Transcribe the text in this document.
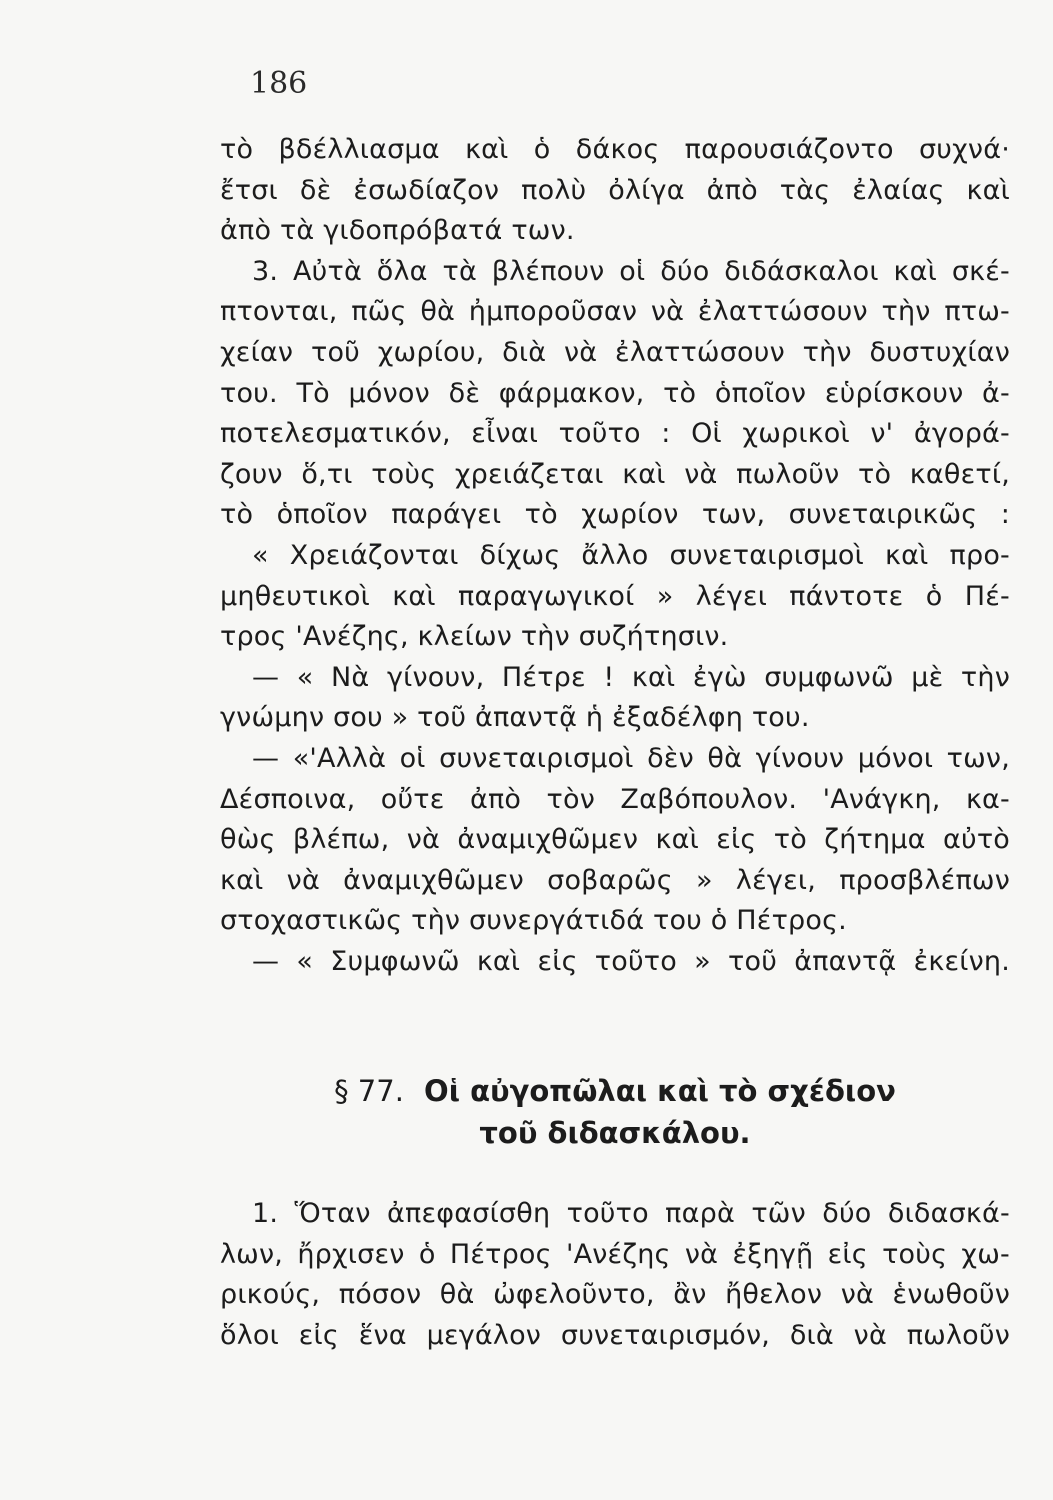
186
τὸ βδέλλιασμα καὶ ὁ δάκος παρουσιάζοντο συχνά·
ἔτσι δὲ ἐσωδίαζον πολὺ ὀλίγα ἀπὸ τὰς ἐλαίας καὶ
ἀπὸ τὰ γιδοπρόβατά των.
3. Αὐτὰ ὅλα τὰ βλέπουν οἱ δύο διδάσκαλοι καὶ σκέ-
πτονται, πῶς θὰ ἠμποροῦσαν νὰ ἐλαττώσουν τὴν πτω-
χείαν τοῦ χωρίου, διὰ νὰ ἐλαττώσουν τὴν δυστυχίαν
του. Τὸ μόνον δὲ φάρμακον, τὸ ὁποῖον εὑρίσκουν ἀ-
ποτελεσματικόν, εἶναι τοῦτο : Οἱ χωρικοὶ ν' ἀγορά-
ζουν ὅ,τι τοὺς χρειάζεται καὶ νὰ πωλοῦν τὸ καθετί,
τὸ ὁποῖον παράγει τὸ χωρίον των, συνεταιρικῶς :
« Χρειάζονται δίχως ἄλλο συνεταιρισμοὶ καὶ προ-
μηθευτικοὶ καὶ παραγωγικοί » λέγει πάντοτε ὁ Πέ-
τρος 'Ανέζης, κλείων τὴν συζήτησιν.
— « Νὰ γίνουν, Πέτρε ! καὶ ἐγὼ συμφωνῶ μὲ τὴν
γνώμην σου » τοῦ ἀπαντᾷ ἡ ἐξαδέλφη του.
— «'Αλλὰ οἱ συνεταιρισμοὶ δὲν θὰ γίνουν μόνοι των,
Δέσποινα, οὔτε ἀπὸ τὸν Ζαβόπουλον. 'Ανάγκη, κα-
θὼς βλέπω, νὰ ἀναμιχθῶμεν καὶ εἰς τὸ ζήτημα αὐτὸ
καὶ νὰ ἀναμιχθῶμεν σοβαρῶς » λέγει, προσβλέπων
στοχαστικῶς τὴν συνεργάτιδά του ὁ Πέτρος.
— « Συμφωνῶ καὶ εἰς τοῦτο » τοῦ ἀπαντᾷ ἐκείνη.
§ 77. Οἱ αὐγοπῶλαι καὶ τὸ σχέδιον
τοῦ διδασκάλου.
1. Ὅταν ἀπεφασίσθη τοῦτο παρὰ τῶν δύο διδασκά-
λων, ἤρχισεν ὁ Πέτρος 'Ανέζης νὰ ἐξηγῇ εἰς τοὺς χω-
ρικούς, πόσον θὰ ὠφελοῦντο, ἂν ἤθελον νὰ ἑνωθοῦν
ὅλοι εἰς ἕνα μεγάλον συνεταιρισμόν, διὰ νὰ πωλοῦν
